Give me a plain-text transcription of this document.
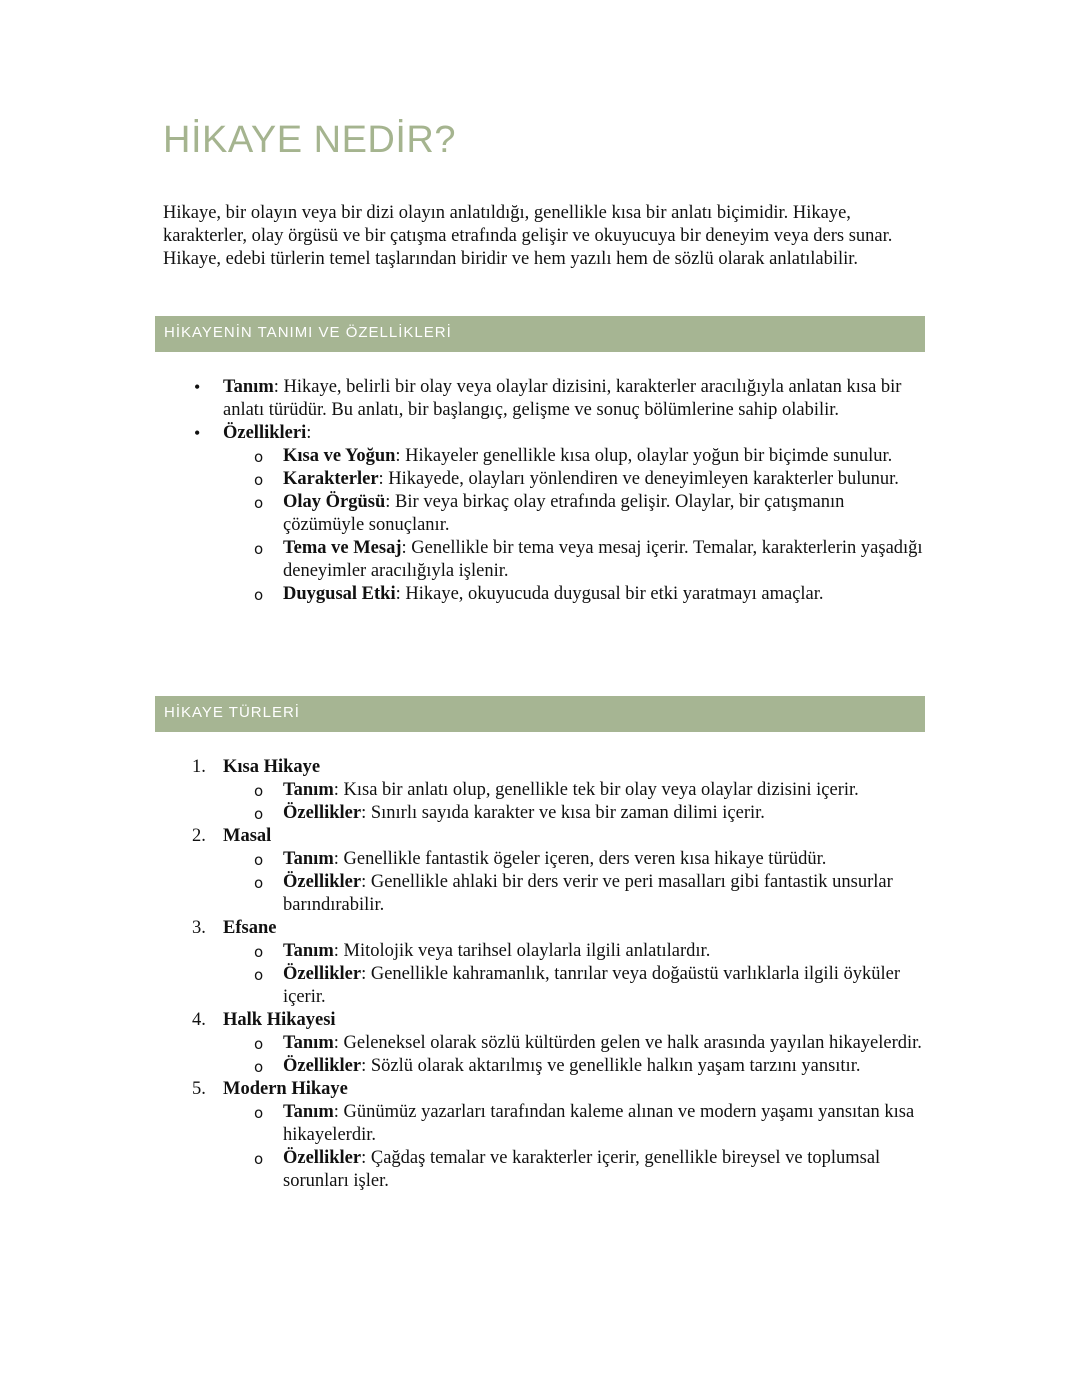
HİKAYE NEDİR?

Hikaye, bir olayın veya bir dizi olayın anlatıldığı, genellikle kısa bir anlatı biçimidir. Hikaye, karakterler, olay örgüsü ve bir çatışma etrafında gelişir ve okuyucuya bir deneyim veya ders sunar. Hikaye, edebi türlerin temel taşlarından biridir ve hem yazılı hem de sözlü olarak anlatılabilir.

HİKAYENİN TANIMI VE ÖZELLİKLERİ
•	Tanım: Hikaye, belirli bir olay veya olaylar dizisini, karakterler aracılığıyla anlatan kısa bir anlatı türüdür. Bu anlatı, bir başlangıç, gelişme ve sonuç bölümlerine sahip olabilir.
•	Özellikleri:
o	Kısa ve Yoğun: Hikayeler genellikle kısa olup, olaylar yoğun bir biçimde sunulur.
o	Karakterler: Hikayede, olayları yönlendiren ve deneyimleyen karakterler bulunur.
o	Olay Örgüsü: Bir veya birkaç olay etrafında gelişir. Olaylar, bir çatışmanın çözümüyle sonuçlanır.
o	Tema ve Mesaj: Genellikle bir tema veya mesaj içerir. Temalar, karakterlerin yaşadığı deneyimler aracılığıyla işlenir.
o	Duygusal Etki: Hikaye, okuyucuda duygusal bir etki yaratmayı amaçlar.
HİKAYE TÜRLERİ
1. Kısa Hikaye
o	Tanım: Kısa bir anlatı olup, genellikle tek bir olay veya olaylar dizisini içerir.
o	Özellikler: Sınırlı sayıda karakter ve kısa bir zaman dilimi içerir.
2. Masal
o	Tanım: Genellikle fantastik ögeler içeren, ders veren kısa hikaye türüdür.
o	Özellikler: Genellikle ahlaki bir ders verir ve peri masalları gibi fantastik unsurlar barındırabilir.
3. Efsane
o	Tanım: Mitolojik veya tarihsel olaylarla ilgili anlatılardır.
o	Özellikler: Genellikle kahramanlık, tanrılar veya doğaüstü varlıklarla ilgili öyküler içerir.
4. Halk Hikayesi
o	Tanım: Geleneksel olarak sözlü kültürden gelen ve halk arasında yayılan hikayelerdir.
o	Özellikler: Sözlü olarak aktarılmış ve genellikle halkın yaşam tarzını yansıtır.
5. Modern Hikaye
o	Tanım: Günümüz yazarları tarafından kaleme alınan ve modern yaşamı yansıtan kısa hikayelerdir.
o	Özellikler: Çağdaş temalar ve karakterler içerir, genellikle bireysel ve toplumsal sorunları işler.
